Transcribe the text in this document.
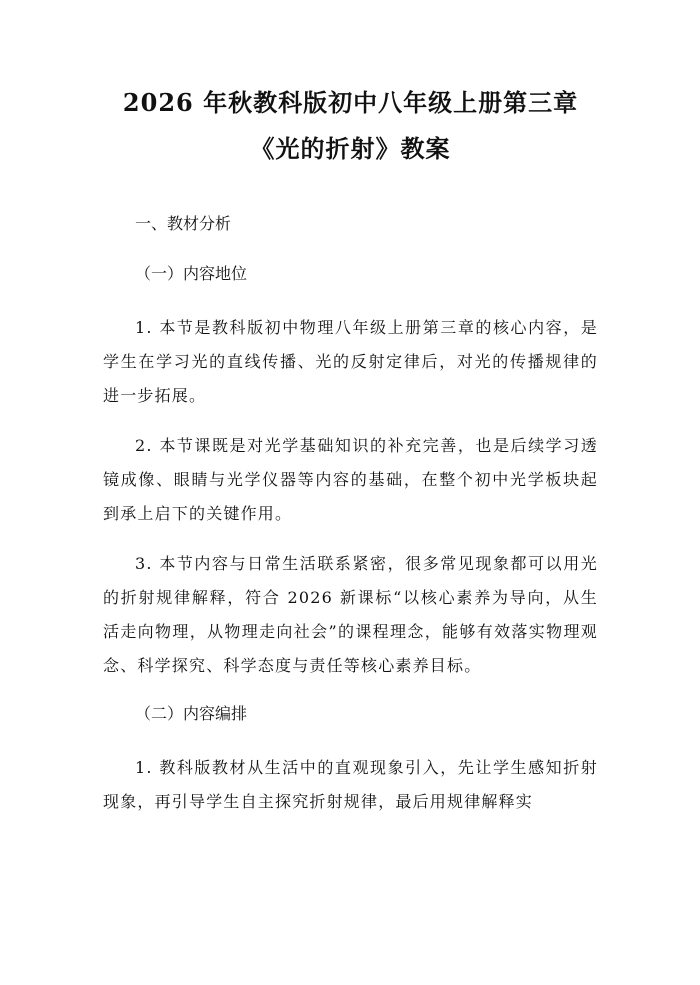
2026 年秋教科版初中八年级上册第三章《光的折射》教案

一、教材分析

（一）内容地位

1. 本节是教科版初中物理八年级上册第三章的核心内容，是学生在学习光的直线传播、光的反射定律后，对光的传播规律的进一步拓展。

2. 本节课既是对光学基础知识的补充完善，也是后续学习透镜成像、眼睛与光学仪器等内容的基础，在整个初中光学板块起到承上启下的关键作用。

3. 本节内容与日常生活联系紧密，很多常见现象都可以用光的折射规律解释，符合 2026 新课标“以核心素养为导向，从生活走向物理，从物理走向社会”的课程理念，能够有效落实物理观念、科学探究、科学态度与责任等核心素养目标。

（二）内容编排

1. 教科版教材从生活中的直观现象引入，先让学生感知折射现象，再引导学生自主探究折射规律，最后用规律解释实
